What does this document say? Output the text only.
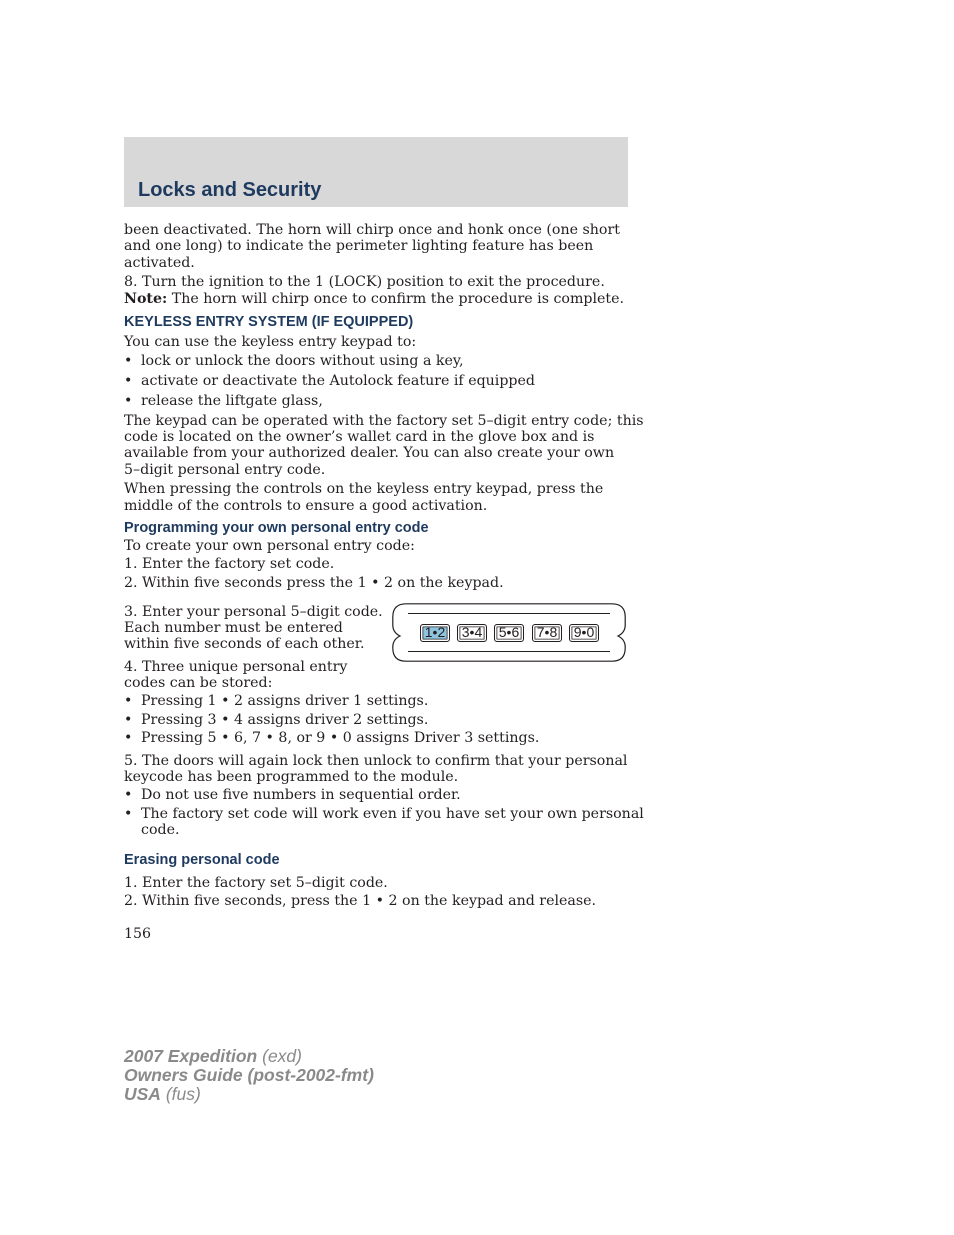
Locks and Security

been deactivated. The horn will chirp once and honk once (one short

and one long) to indicate the perimeter lighting feature has been

activated.

8. Turn the ignition to the 1 (LOCK) position to exit the procedure.

Note: The horn will chirp once to confirm the procedure is complete.

KEYLESS ENTRY SYSTEM (IF EQUIPPED)

You can use the keyless entry keypad to:

• lock or unlock the doors without using a key,
• activate or deactivate the Autolock feature if equipped
• release the liftgate glass,

The keypad can be operated with the factory set 5–digit entry code; this

code is located on the owner’s wallet card in the glove box and is

available from your authorized dealer. You can also create your own

5–digit personal entry code.

When pressing the controls on the keyless entry keypad, press the

middle of the controls to ensure a good activation.

Programming your own personal entry code

To create your own personal entry code:

1. Enter the factory set code.

2. Within five seconds press the 1 • 2 on the keypad.

3. Enter your personal 5–digit code.

Each number must be entered

within five seconds of each other.

4. Three unique personal entry

codes can be stored:

1•2	3•4	5•6	7•8	9•0
• Pressing 1 • 2 assigns driver 1 settings.
• Pressing 3 • 4 assigns driver 2 settings.
• Pressing 5 • 6, 7 • 8, or 9 • 0 assigns Driver 3 settings.

5. The doors will again lock then unlock to confirm that your personal

keycode has been programmed to the module.

• Do not use five numbers in sequential order.
• The factory set code will work even if you have set your own personal
code.
Erasing personal code

1. Enter the factory set 5–digit code.

2. Within five seconds, press the 1 • 2 on the keypad and release.

156
2007 Expedition (exd)
Owners Guide (post-2002-fmt)
USA (fus)
